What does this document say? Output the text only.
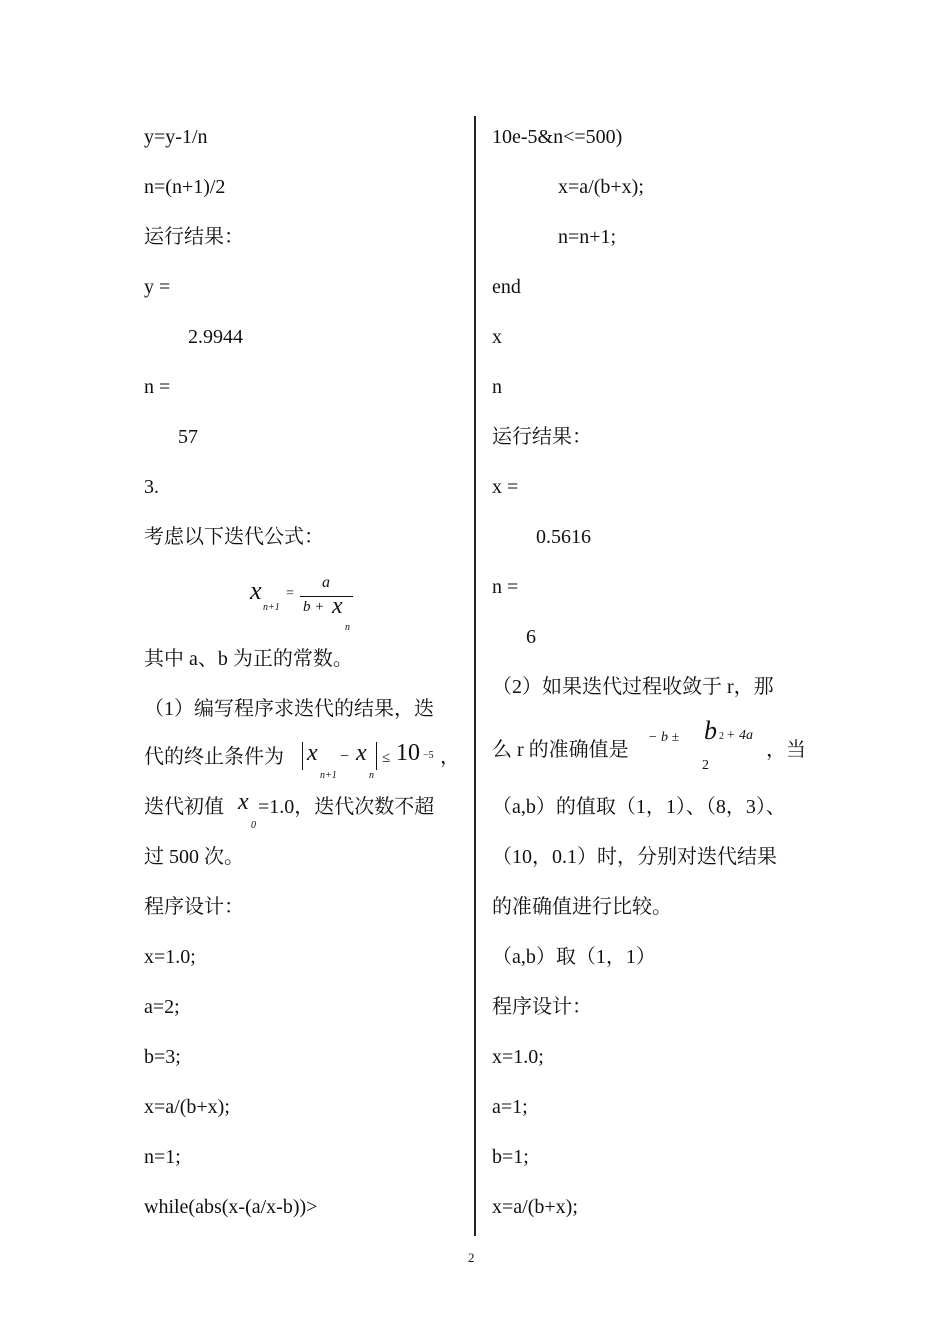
y=y-1/n
n=(n+1)/2
运行结果：
y =
2.9944
n =
57
3.
考虑以下迭代公式：
x
n+1
=
a
b + x
n
其中 a、b 为正的常数。
（1）编写程序求迭代的结果，迭
代的终止条件为 x
n+1
− x
n
≤ 10 −5 ，
迭代初值 x
0
=1.0，迭代次数不超
过 500 次。
程序设计：
x=1.0;
a=2;
b=3;
x=a/(b+x);
n=1;
while(abs(x-(a/x-b))>
10e-5&n<=500)
x=a/(b+x);
n=n+1;
end
x
n
运行结果：
x =
0.5616
n =
6
（2）如果迭代过程收敛于 r，那
么 r 的准确值是
− b ± b 2 + 4a
2
，当
（a,b）的值取（1，1）、（8，3）、
（10，0.1）时，分别对迭代结果
的准确值进行比较。
（a,b）取（1，1）
程序设计：
x=1.0;
a=1;
b=1;
x=a/(b+x);
2
